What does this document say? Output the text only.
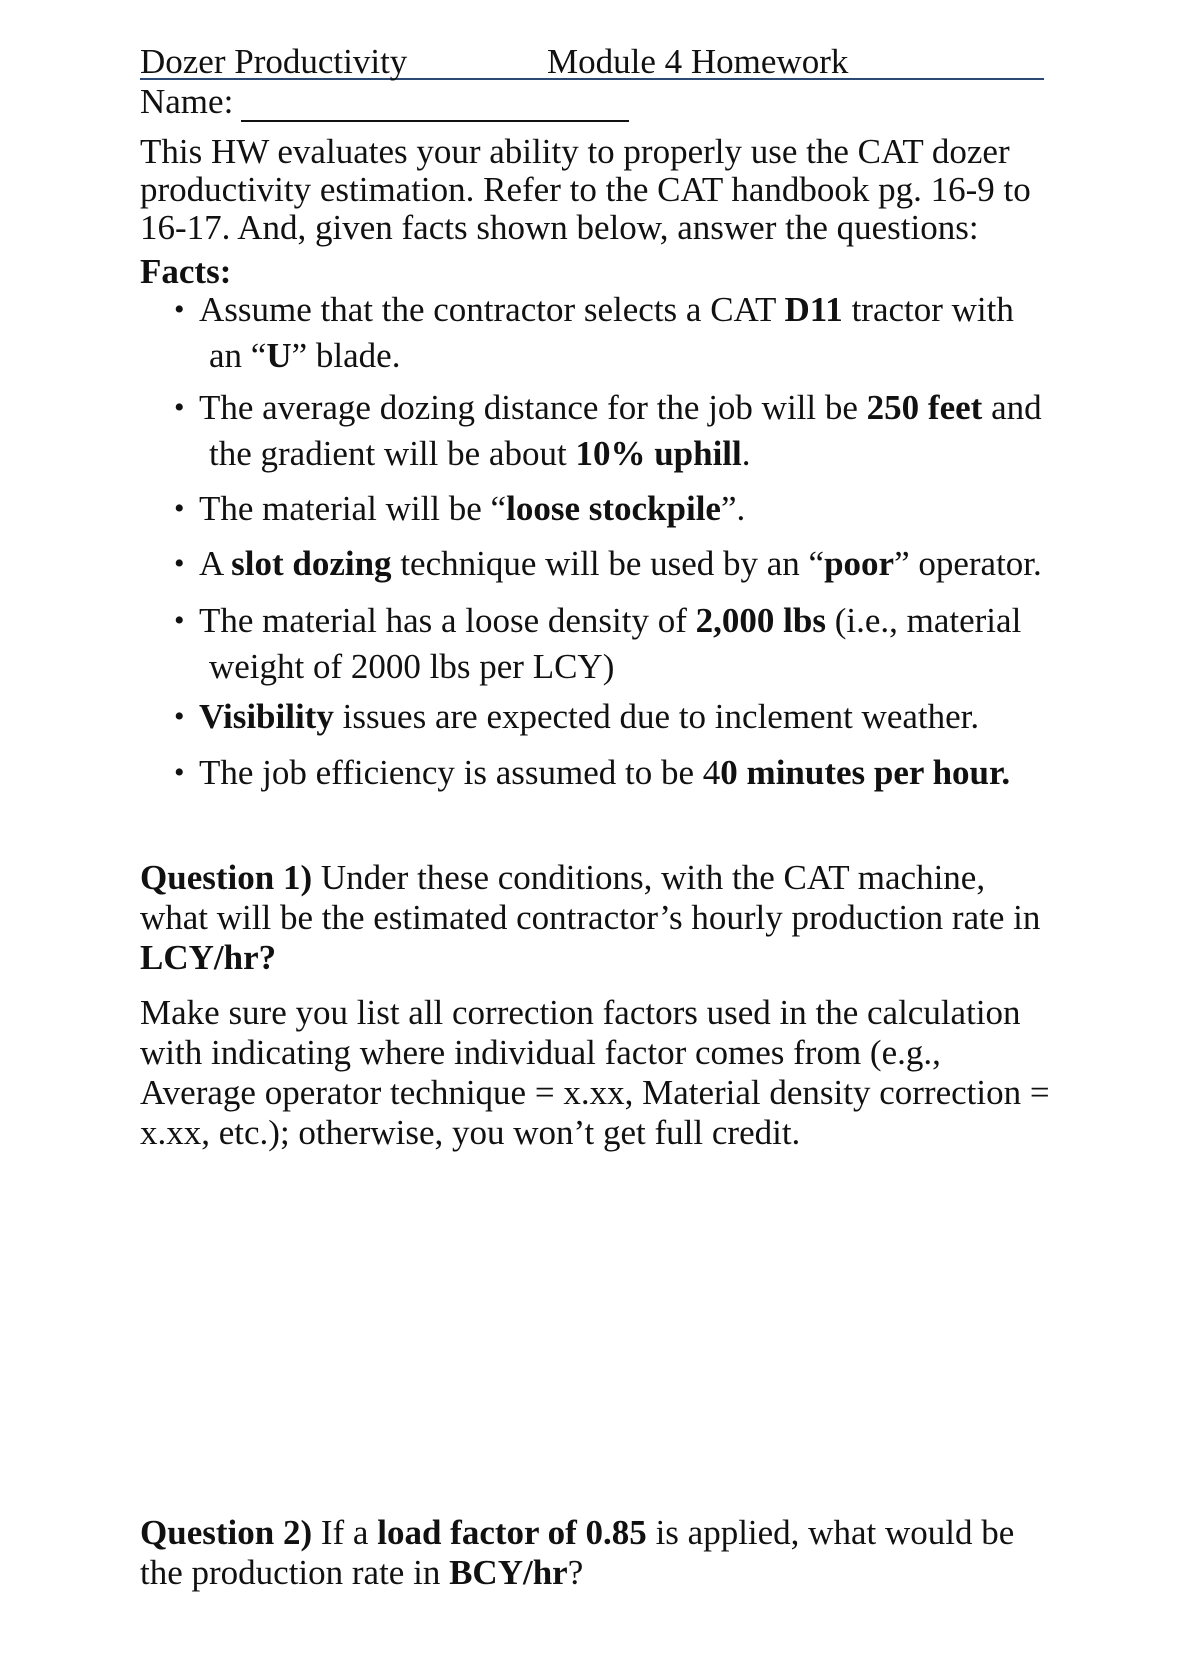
Dozer Productivity	Module 4 Homework
Name:
This HW evaluates your ability to properly use the CAT dozer productivity estimation. Refer to the CAT handbook pg. 16-9 to 16-17. And, given facts shown below, answer the questions:
Facts:
• Assume that the contractor selects a CAT D11 tractor with
an “U” blade.
• The average dozing distance for the job will be 250 feet and
the gradient will be about 10% uphill.
• The material will be “loose stockpile”.
• A slot dozing technique will be used by an “poor” operator.
• The material has a loose density of 2,000 lbs (i.e., material
weight of 2000 lbs per LCY)
• Visibility issues are expected due to inclement weather.
• The job efficiency is assumed to be 40 minutes per hour.
Question 1) Under these conditions, with the CAT machine, what will be the estimated contractor’s hourly production rate in LCY/hr?
Make sure you list all correction factors used in the calculation with indicating where individual factor comes from (e.g., Average operator technique = x.xx, Material density correction = x.xx, etc.); otherwise, you won’t get full credit.
Question 2) If a load factor of 0.85 is applied, what would be the production rate in BCY/hr?
